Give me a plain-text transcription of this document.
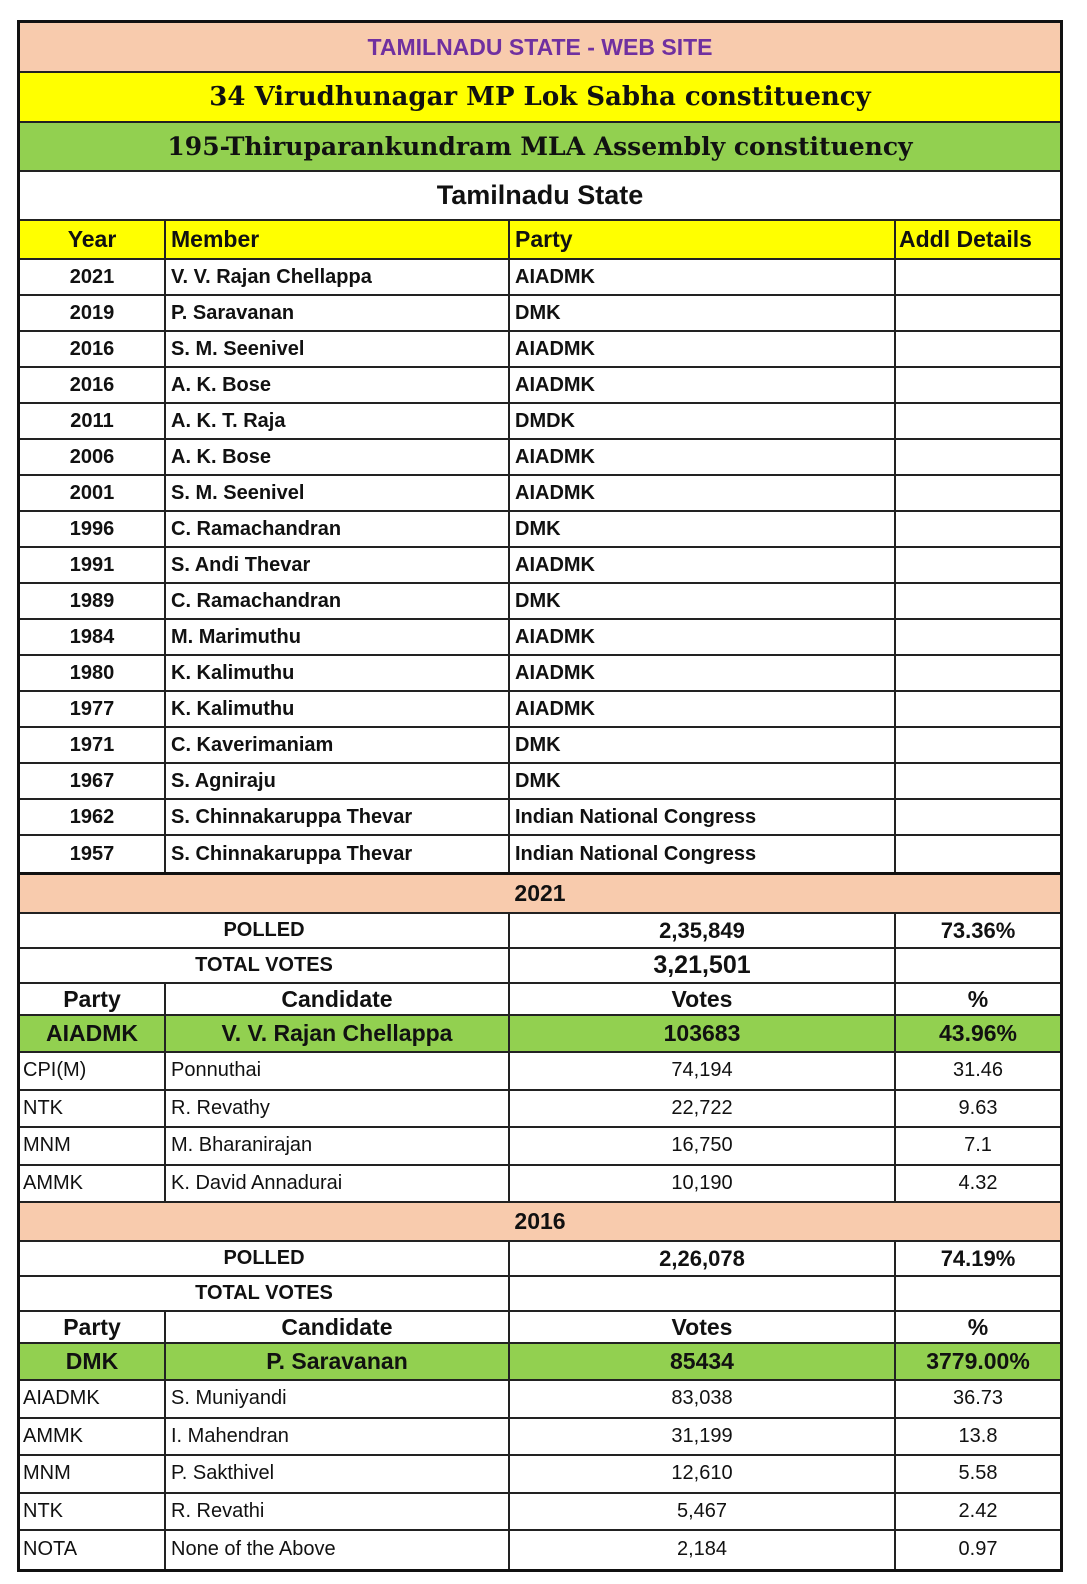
TAMILNADU STATE - WEB SITE
34 Virudhunagar MP Lok Sabha constituency
195-Thiruparankundram MLA Assembly constituency
Tamilnadu State
Year	Member	Party	Addl Details
2021	V. V. Rajan Chellappa	AIADMK
2019	P. Saravanan	DMK
2016	S. M. Seenivel	AIADMK
2016	A. K. Bose	AIADMK
2011	A. K. T. Raja	DMDK
2006	A. K. Bose	AIADMK
2001	S. M. Seenivel	AIADMK
1996	C. Ramachandran	DMK
1991	S. Andi Thevar	AIADMK
1989	C. Ramachandran	DMK
1984	M. Marimuthu	AIADMK
1980	K. Kalimuthu	AIADMK
1977	K. Kalimuthu	AIADMK
1971	C. Kaverimaniam	DMK
1967	S. Agniraju	DMK
1962	S. Chinnakaruppa Thevar	Indian National Congress
1957	S. Chinnakaruppa Thevar	Indian National Congress
2021
POLLED	2,35,849	73.36%
TOTAL VOTES	3,21,501
Party	Candidate	Votes	%
AIADMK	V. V. Rajan Chellappa	103683	43.96%
CPI(M)	Ponnuthai	74,194	31.46
NTK	R. Revathy	22,722	9.63
MNM	M. Bharanirajan	16,750	7.1
AMMK	K. David Annadurai	10,190	4.32
2016
POLLED	2,26,078	74.19%
TOTAL VOTES
Party	Candidate	Votes	%
DMK	P. Saravanan	85434	3779.00%
AIADMK	S. Muniyandi	83,038	36.73
AMMK	I. Mahendran	31,199	13.8
MNM	P. Sakthivel	12,610	5.58
NTK	R. Revathi	5,467	2.42
NOTA	None of the Above	2,184	0.97
